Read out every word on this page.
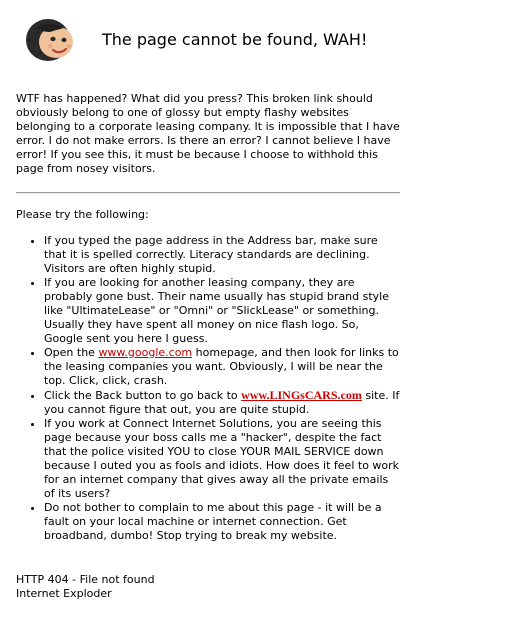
The page cannot be found, WAH!
WTF has happened? What did you press? This broken link should obviously belong to one of glossy but empty flashy websites belonging to a corporate leasing company. It is impossible that I have error. I do not make errors. Is there an error? I cannot believe I have error! If you see this, it must be because I choose to withhold this page from nosey visitors.
Please try the following:
• If you typed the page address in the Address bar, make sure that it is spelled correctly. Literacy standards are declining. Visitors are often highly stupid.
• If you are looking for another leasing company, they are probably gone bust. Their name usually has stupid brand style like "UltimateLease" or "Omni" or "SlickLease" or something. Usually they have spent all money on nice flash logo. So, Google sent you here I guess.
• Open the www.google.com homepage, and then look for links to the leasing companies you want. Obviously, I will be near the top. Click, click, crash.
• Click the Back button to go back to www.LINGsCARS.com site. If you cannot figure that out, you are quite stupid.
• If you work at Connect Internet Solutions, you are seeing this page because your boss calls me a "hacker", despite the fact that the police visited YOU to close YOUR MAIL SERVICE down because I outed you as fools and idiots. How does it feel to work for an internet company that gives away all the private emails of its users?
• Do not bother to complain to me about this page - it will be a fault on your local machine or internet connection. Get broadband, dumbo! Stop trying to break my website.
HTTP 404 - File not found
Internet Exploder
